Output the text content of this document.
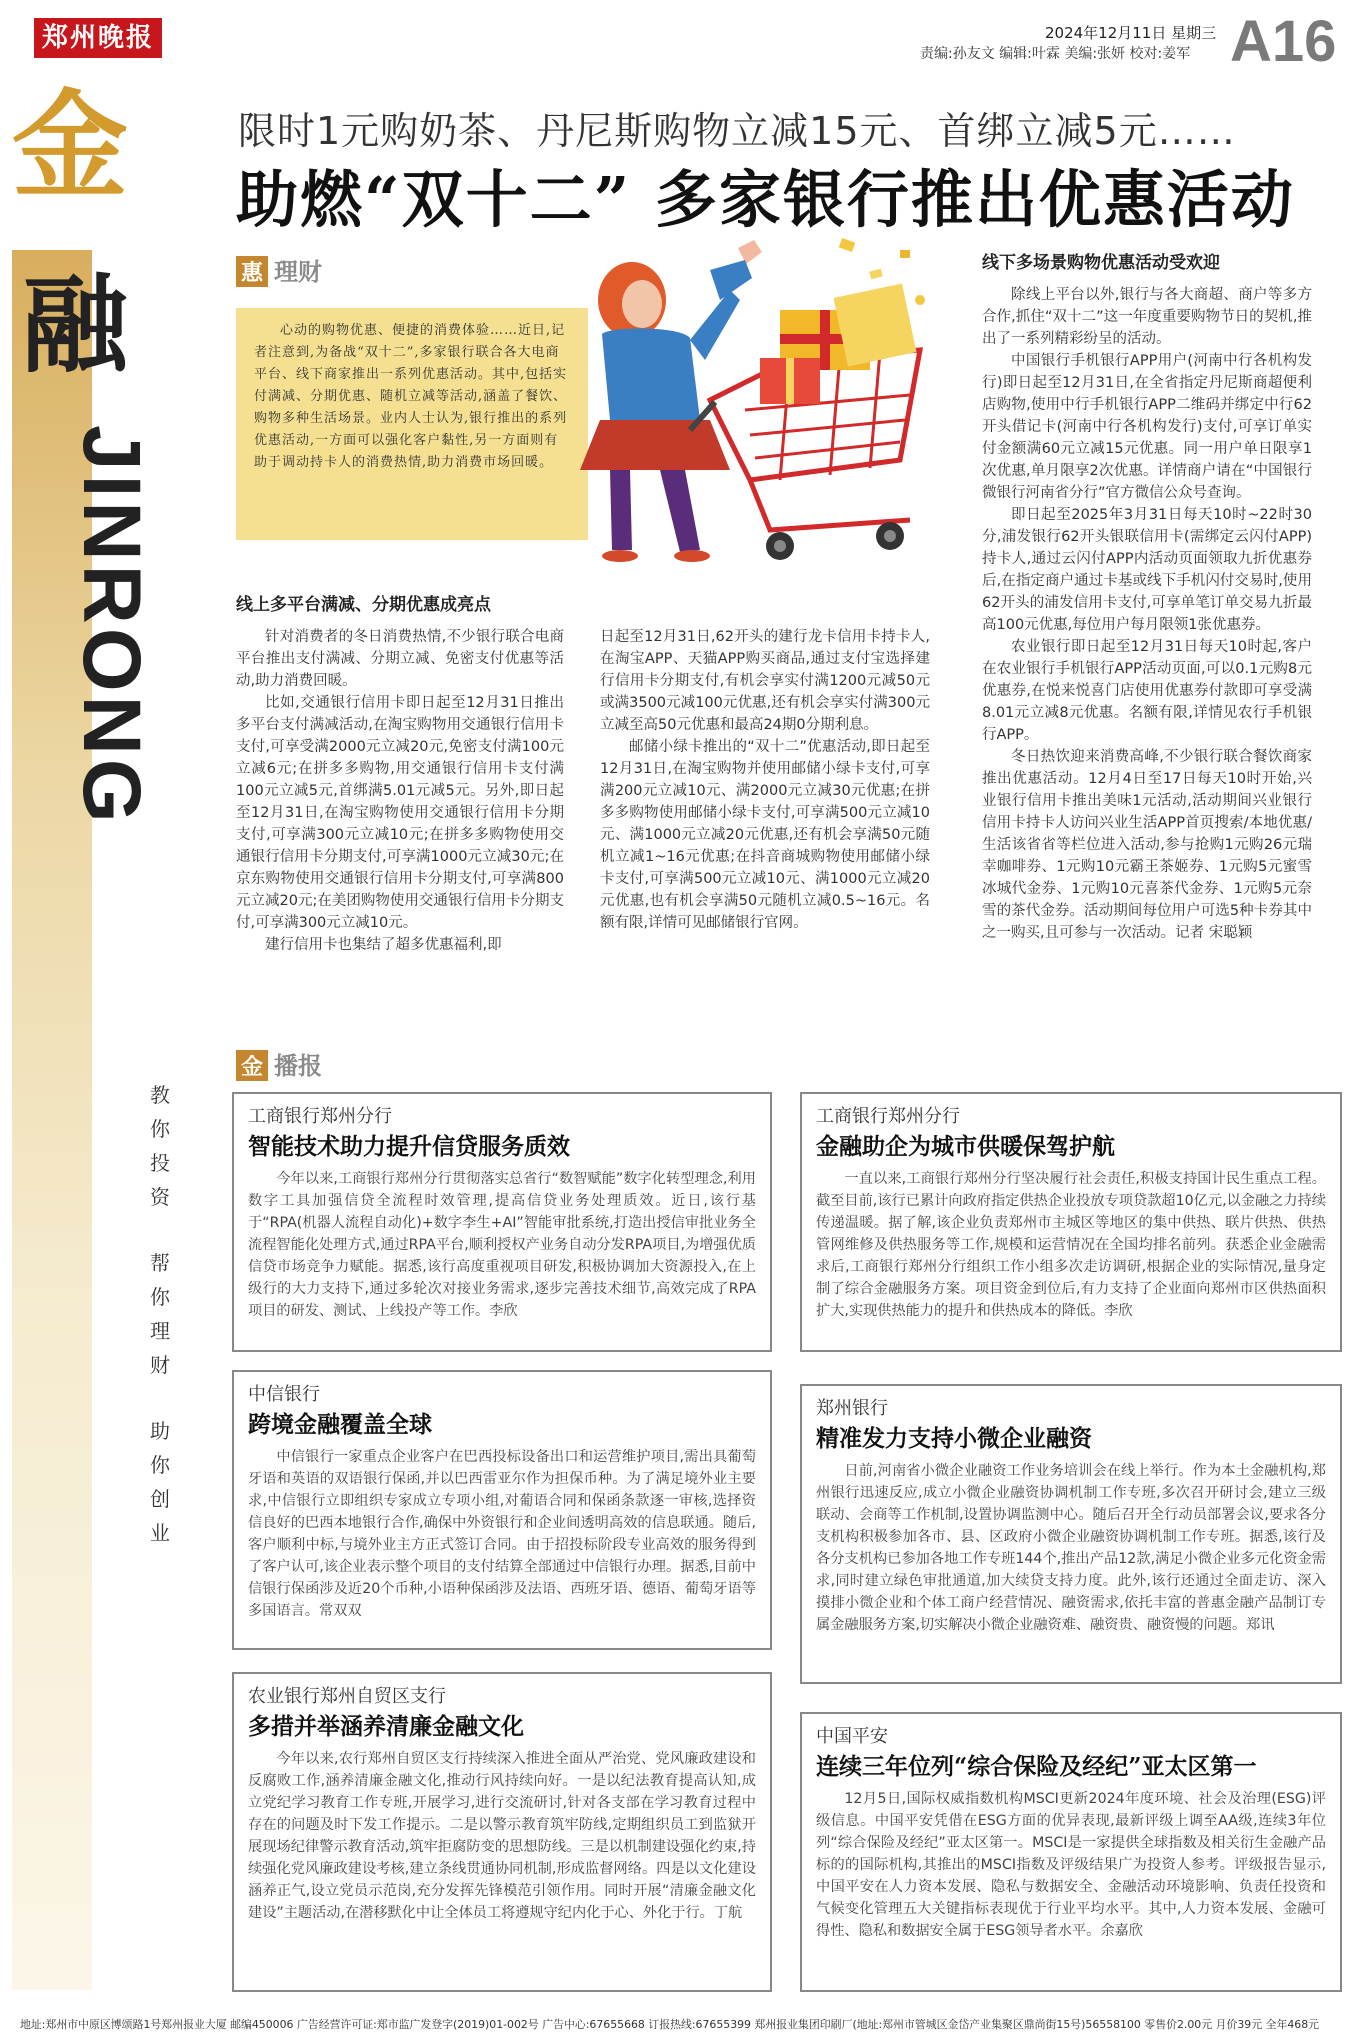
郑州晚报	2024年12月11日 星期三
责编:孙友文 编辑:叶霖 美编:张妍 校对:姜军 A16
金
融
JINRONG
教
你
投
资
帮
你
理
财
助
你
创
业
限时1元购奶茶、丹尼斯购物立减15元、首绑立减5元……
助燃“双十二” 多家银行推出优惠活动
惠 理财
心动的购物优惠、便捷的消费体验……近日,记者注意到,为备战“双十二”,多家银行联合各大电商平台、线下商家推出一系列优惠活动。其中,包括实付满减、分期优惠、随机立减等活动,涵盖了餐饮、购物多种生活场景。业内人士认为,银行推出的系列优惠活动,一方面可以强化客户黏性,另一方面则有助于调动持卡人的消费热情,助力消费市场回暖。
线上多平台满减、分期优惠成亮点

针对消费者的冬日消费热情,不少银行联合电商平台推出支付满减、分期立减、免密支付优惠等活动,助力消费回暖。

比如,交通银行信用卡即日起至12月31日推出多平台支付满减活动,在淘宝购物用交通银行信用卡支付,可享受满2000元立减20元,免密支付满100元立减6元;在拼多多购物,用交通银行信用卡支付满100元立减5元,首绑满5.01元减5元。另外,即日起至12月31日,在淘宝购物使用交通银行信用卡分期支付,可享满300元立减10元;在拼多多购物使用交通银行信用卡分期支付,可享满1000元立减30元;在京东购物使用交通银行信用卡分期支付,可享满800元立减20元;在美团购物使用交通银行信用卡分期支付,可享满300元立减10元。

建行信用卡也集结了超多优惠福利,即

日起至12月31日,62开头的建行龙卡信用卡持卡人,在淘宝APP、天猫APP购买商品,通过支付宝选择建行信用卡分期支付,有机会享实付满1200元减50元或满3500元减100元优惠,还有机会享实付满300元立减至高50元优惠和最高24期0分期利息。

邮储小绿卡推出的“双十二”优惠活动,即日起至12月31日,在淘宝购物并使用邮储小绿卡支付,可享满200元立减10元、满2000元立减30元优惠;在拼多多购物使用邮储小绿卡支付,可享满500元立减10元、满1000元立减20元优惠,还有机会享满50元随机立减1~16元优惠;在抖音商城购物使用邮储小绿卡支付,可享满500元立减10元、满1000元立减20元优惠,也有机会享满50元随机立减0.5~16元。名额有限,详情可见邮储银行官网。

线下多场景购物优惠活动受欢迎

除线上平台以外,银行与各大商超、商户等多方合作,抓住“双十二”这一年度重要购物节日的契机,推出了一系列精彩纷呈的活动。

中国银行手机银行APP用户(河南中行各机构发行)即日起至12月31日,在全省指定丹尼斯商超便利店购物,使用中行手机银行APP二维码并绑定中行62开头借记卡(河南中行各机构发行)支付,可享订单实付金额满60元立减15元优惠。同一用户单日限享1次优惠,单月限享2次优惠。详情商户请在“中国银行微银行河南省分行”官方微信公众号查询。

即日起至2025年3月31日每天10时~22时30分,浦发银行62开头银联信用卡(需绑定云闪付APP)持卡人,通过云闪付APP内活动页面领取九折优惠券后,在指定商户通过卡基或线下手机闪付交易时,使用62开头的浦发信用卡支付,可享单笔订单交易九折最高100元优惠,每位用户每月限领1张优惠券。

农业银行即日起至12月31日每天10时起,客户在农业银行手机银行APP活动页面,可以0.1元购8元优惠券,在悦来悦喜门店使用优惠券付款即可享受满8.01元立减8元优惠。名额有限,详情见农行手机银行APP。

冬日热饮迎来消费高峰,不少银行联合餐饮商家推出优惠活动。12月4日至17日每天10时开始,兴业银行信用卡推出美味1元活动,活动期间兴业银行信用卡持卡人访问兴业生活APP首页搜索/本地优惠/生活该省省等栏位进入活动,参与抢购1元购26元瑞幸咖啡券、1元购10元霸王茶姬券、1元购5元蜜雪冰城代金券、1元购10元喜茶代金券、1元购5元奈雪的茶代金券。活动期间每位用户可选5种卡券其中之一购买,且可参与一次活动。记者 宋聪颖

金 播报
工商银行郑州分行
智能技术助力提升信贷服务质效
今年以来,工商银行郑州分行贯彻落实总省行“数智赋能”数字化转型理念,利用数字工具加强信贷全流程时效管理,提高信贷业务处理质效。近日,该行基于“RPA(机器人流程自动化)+数字李生+AI”智能审批系统,打造出授信审批业务全流程智能化处理方式,通过RPA平台,顺利授权产业务自动分发RPA项目,为增强优质信贷市场竞争力赋能。据悉,该行高度重视项目研发,积极协调加大资源投入,在上级行的大力支持下,通过多轮次对接业务需求,逐步完善技术细节,高效完成了RPA项目的研发、测试、上线投产等工作。李欣
工商银行郑州分行
金融助企为城市供暖保驾护航
一直以来,工商银行郑州分行坚决履行社会责任,积极支持国计民生重点工程。截至目前,该行已累计向政府指定供热企业投放专项贷款超10亿元,以金融之力持续传递温暖。据了解,该企业负责郑州市主城区等地区的集中供热、联片供热、供热管网维修及供热服务等工作,规模和运营情况在全国均排名前列。获悉企业金融需求后,工商银行郑州分行组织工作小组多次走访调研,根据企业的实际情况,量身定制了综合金融服务方案。项目资金到位后,有力支持了企业面向郑州市区供热面积扩大,实现供热能力的提升和供热成本的降低。李欣
中信银行
跨境金融覆盖全球
中信银行一家重点企业客户在巴西投标设备出口和运营维护项目,需出具葡萄牙语和英语的双语银行保函,并以巴西雷亚尔作为担保币种。为了满足境外业主要求,中信银行立即组织专家成立专项小组,对葡语合同和保函条款逐一审核,选择资信良好的巴西本地银行合作,确保中外资银行和企业间透明高效的信息联通。随后,客户顺利中标,与境外业主方正式签订合同。由于招投标阶段专业高效的服务得到了客户认可,该企业表示整个项目的支付结算全部通过中信银行办理。据悉,目前中信银行保函涉及近20个币种,小语种保函涉及法语、西班牙语、德语、葡萄牙语等多国语言。常双双
郑州银行
精准发力支持小微企业融资
日前,河南省小微企业融资工作业务培训会在线上举行。作为本土金融机构,郑州银行迅速反应,成立小微企业融资协调机制工作专班,多次召开研讨会,建立三级联动、会商等工作机制,设置协调监测中心。随后召开全行动员部署会议,要求各分支机构积极参加各市、县、区政府小微企业融资协调机制工作专班。据悉,该行及各分支机构已参加各地工作专班144个,推出产品12款,满足小微企业多元化资金需求,同时建立绿色审批通道,加大续贷支持力度。此外,该行还通过全面走访、深入摸排小微企业和个体工商户经营情况、融资需求,依托丰富的普惠金融产品制订专属金融服务方案,切实解决小微企业融资难、融资贵、融资慢的问题。郑讯
农业银行郑州自贸区支行
多措并举涵养清廉金融文化
今年以来,农行郑州自贸区支行持续深入推进全面从严治党、党风廉政建设和反腐败工作,涵养清廉金融文化,推动行风持续向好。一是以纪法教育提高认知,成立党纪学习教育工作专班,开展学习,进行交流研讨,针对各支部在学习教育过程中存在的问题及时下发工作提示。二是以警示教育筑牢防线,定期组织员工到监狱开展现场纪律警示教育活动,筑牢拒腐防变的思想防线。三是以机制建设强化约束,持续强化党风廉政建设考核,建立条线贯通协同机制,形成监督网络。四是以文化建设涵养正气,设立党员示范岗,充分发挥先锋模范引领作用。同时开展“清廉金融文化建设”主题活动,在潜移默化中让全体员工将遵规守纪内化于心、外化于行。丁航
中国平安
连续三年位列“综合保险及经纪”亚太区第一
12月5日,国际权威指数机构MSCI更新2024年度环境、社会及治理(ESG)评级信息。中国平安凭借在ESG方面的优异表现,最新评级上调至AA级,连续3年位列“综合保险及经纪”亚太区第一。MSCI是一家提供全球指数及相关衍生金融产品标的的国际机构,其推出的MSCI指数及评级结果广为投资人参考。评级报告显示,中国平安在人力资本发展、隐私与数据安全、金融活动环境影响、负责任投资和气候变化管理五大关键指标表现优于行业平均水平。其中,人力资本发展、金融可得性、隐私和数据安全属于ESG领导者水平。余嘉欣
地址:郑州市中原区博颂路1号郑州报业大厦 邮编450006 广告经营许可证:郑市监广发登字(2019)01-002号 广告中心:67655668 订报热线:67655399 郑州报业集团印刷厂(地址:郑州市管城区金岱产业集聚区鼎尚街15号)56558100 零售价2.00元 月价39元 全年468元
